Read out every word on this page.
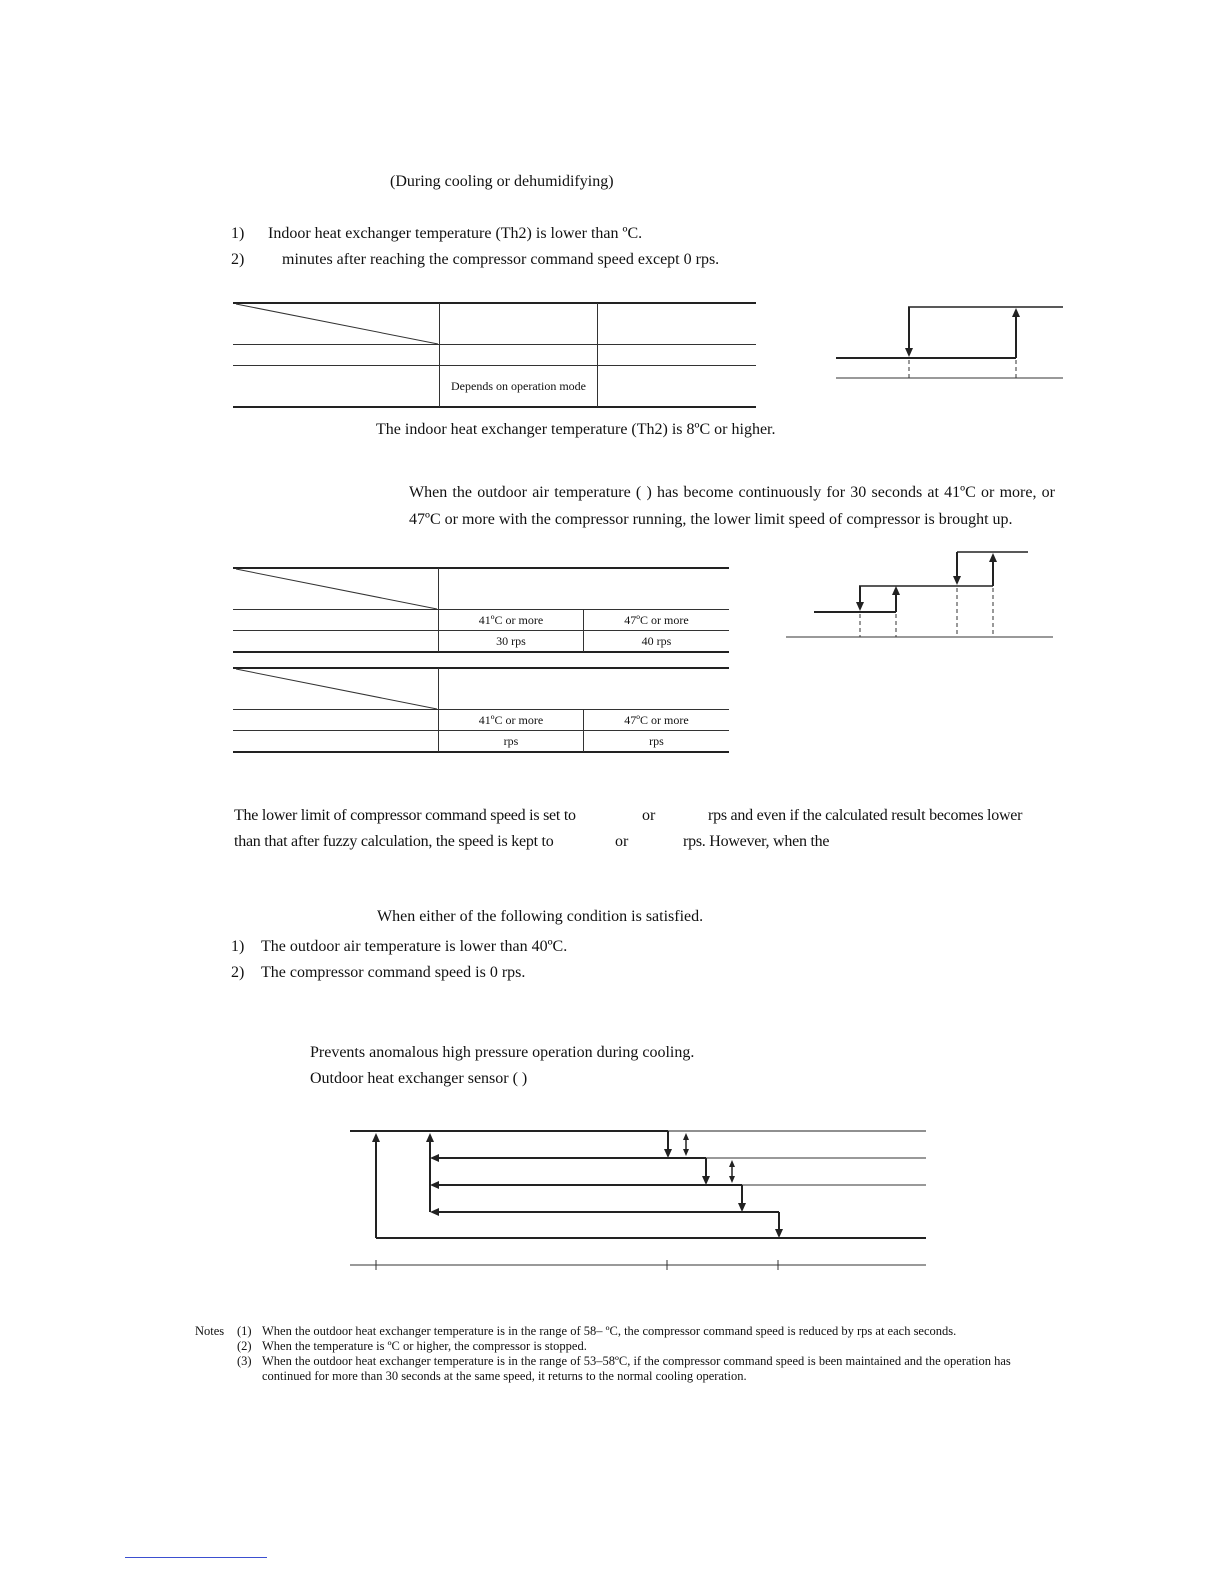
(During cooling or dehumidifying)
1) Indoor heat exchanger temperature (Th2) is lower than ºC.
2) minutes after reaching the compressor command speed except 0 rps.
Depends on operation mode
The indoor heat exchanger temperature (Th2) is 8ºC or higher.
When the outdoor air temperature ( ) has become continuously for 30 seconds at 41ºC or more, or 47ºC or more with the compressor running, the lower limit speed of compressor is brought up.
41ºC or more	47ºC or more
30 rps	40 rps
41ºC or more	47ºC or more
rps	rps
The lower limit of compressor command speed is set to	or	rps and even if the calculated result becomes lower
than that after fuzzy calculation, the speed is kept to	or	rps. However, when the
When either of the following condition is satisfied.
1) The outdoor air temperature is lower than 40ºC.
2) The compressor command speed is 0 rps.
Prevents anomalous high pressure operation during cooling.
Outdoor heat exchanger sensor ( )
Notes (1) When the outdoor heat exchanger temperature is in the range of 58– ºC, the compressor command speed is reduced by rps at each seconds.
(2) When the temperature is ºC or higher, the compressor is stopped.
(3) When the outdoor heat exchanger temperature is in the range of 53–58ºC, if the compressor command speed is been maintained and the operation has
continued for more than 30 seconds at the same speed, it returns to the normal cooling operation.
